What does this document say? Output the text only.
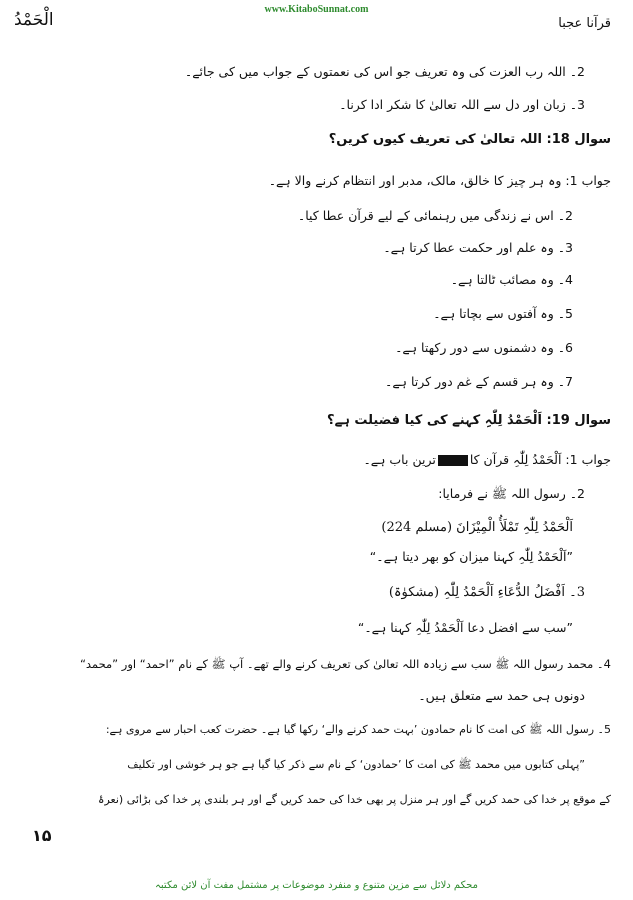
www.KitaboSunnat.com
الْحَمْدُ	قرآنا عجبا
2۔ اللہ رب العزت کی وہ تعریف جو اس کی نعمتوں کے جواب میں کی جائے۔
3۔ زبان اور دل سے اللہ تعالیٰ کا شکر ادا کرنا۔
سوال 18: اللہ تعالیٰ کی تعریف کیوں کریں؟
جواب 1: وہ ہر چیز کا خالق، مالک، مدبر اور انتظام کرنے والا ہے۔
2۔ اس نے زندگی میں رہنمائی کے لیے قرآن عطا کیا۔
3۔ وہ علم اور حکمت عطا کرتا ہے۔
4۔ وہ مصائب ٹالتا ہے۔
5۔ وہ آفتوں سے بچاتا ہے۔
6۔ وہ دشمنوں سے دور رکھتا ہے۔
7۔ وہ ہر قسم کے غم دور کرتا ہے۔
سوال 19: اَلْحَمْدُ لِلّٰہِ کہنے کی کیا فضیلت ہے؟
جواب 1: اَلْحَمْدُ لِلّٰہِ قرآن کاترین باب ہے۔
2۔ رسول اللہ ﷺ نے فرمایا:
اَلْحَمْدُ لِلّٰہِ تَمْلَأُ الْمِیْزَانَ (مسلم 224)
”اَلْحَمْدُ لِلّٰہِ کہنا میزان کو بھر دیتا ہے۔“
3۔ اَفْضَلُ الدُّعَاءِ اَلْحَمْدُ لِلّٰہِ (مشکوٰۃ)
”سب سے افضل دعا اَلْحَمْدُ لِلّٰہِ کہنا ہے۔“
4۔ محمد رسول اللہ ﷺ سب سے زیادہ اللہ تعالیٰ کی تعریف کرنے والے تھے۔ آپ ﷺ کے نام ”احمد“ اور ”محمد“
دونوں ہی حمد سے متعلق ہیں۔
5۔ رسول اللہ ﷺ کی امت کا نام حمادون ’بہت حمد کرنے والے‘ رکھا گیا ہے۔ حضرت کعب احبار سے مروی ہے:
”پہلی کتابوں میں محمد ﷺ کی امت کا ’حمادون‘ کے نام سے ذکر کیا گیا ہے جو ہر خوشی اور تکلیف
کے موقع پر خدا کی حمد کریں گے اور ہر منزل پر بھی خدا کی حمد کریں گے اور ہر بلندی پر خدا کی بڑائی (نعرۂ
۱۵
محکم دلائل سے مزین متنوع و منفرد موضوعات پر مشتمل مفت آن لائن مکتبہ
